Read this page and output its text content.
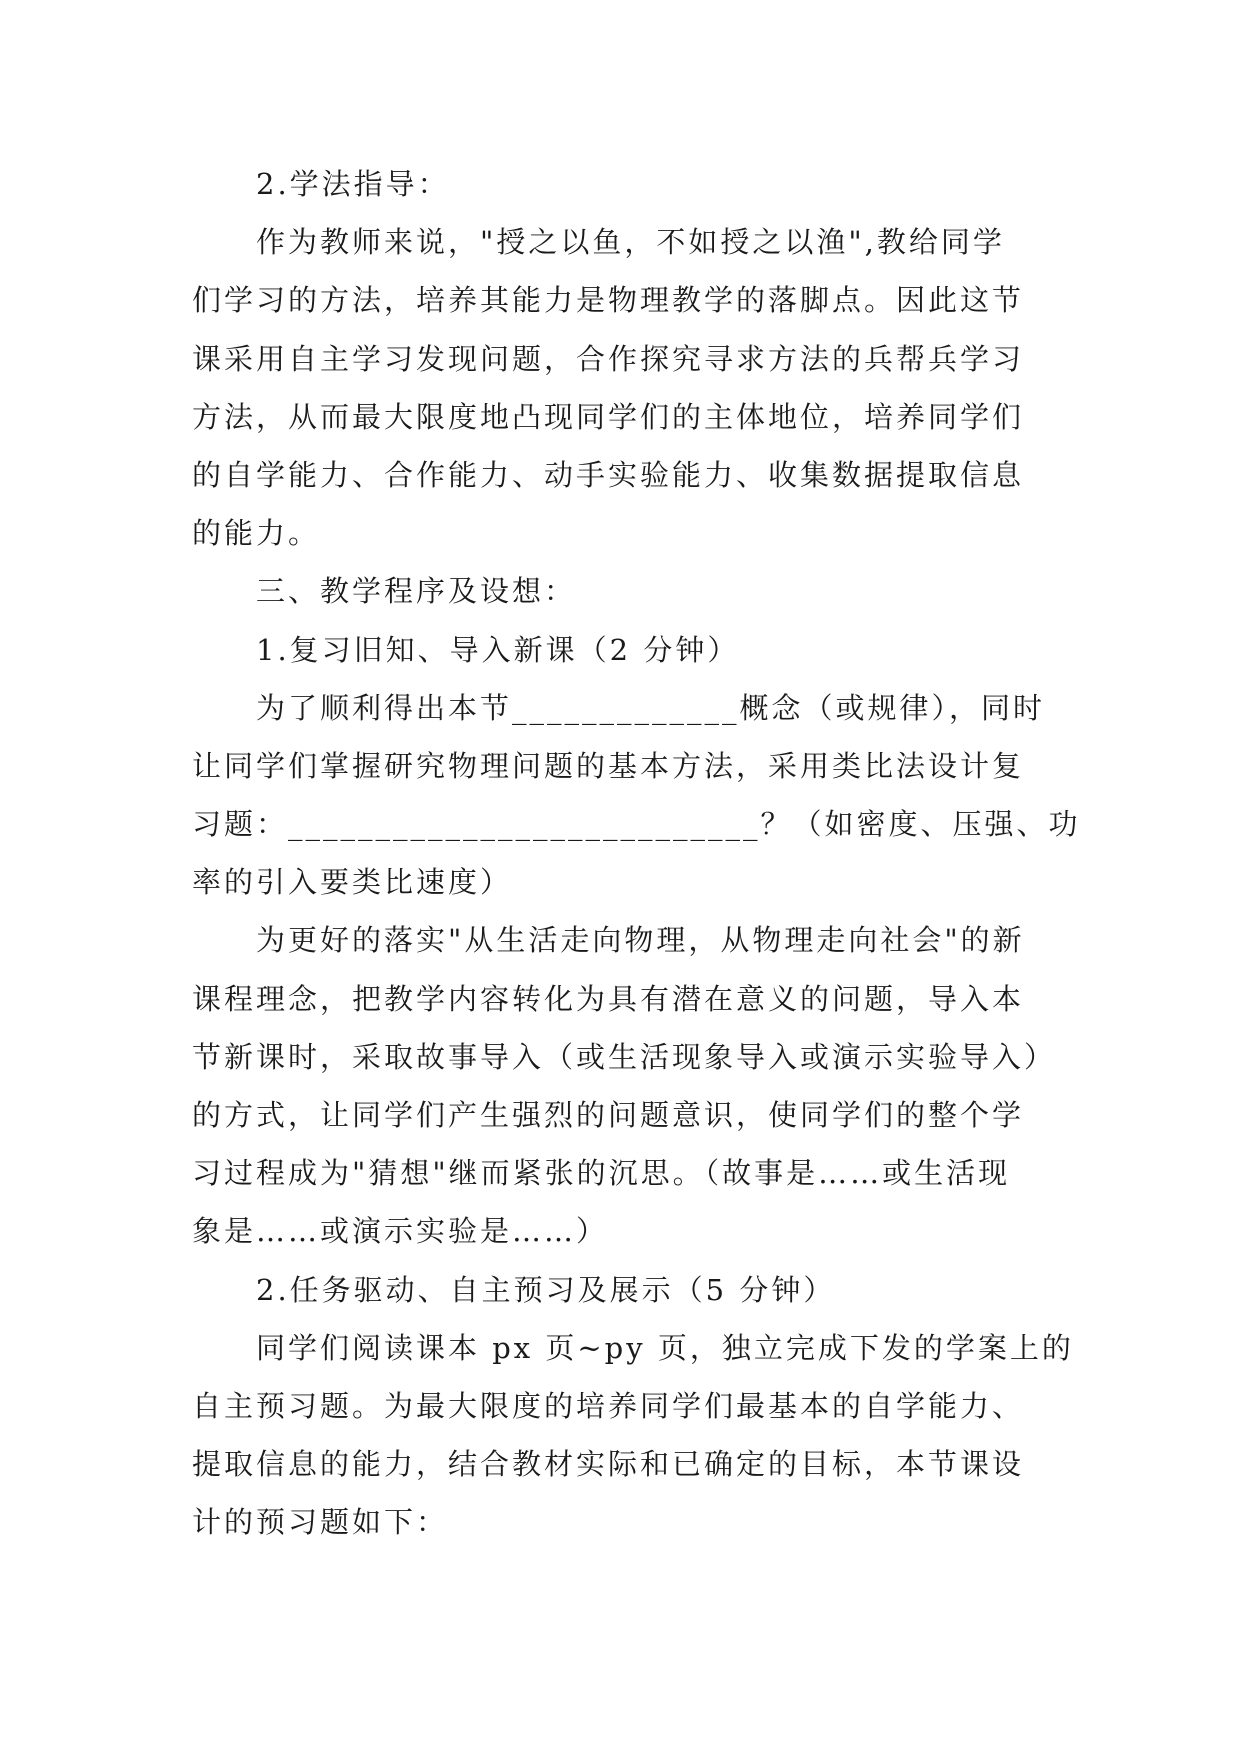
2.学法指导：
作为教师来说，"授之以鱼，不如授之以渔",教给同学
们学习的方法，培养其能力是物理教学的落脚点。因此这节
课采用自主学习发现问题，合作探究寻求方法的兵帮兵学习
方法，从而最大限度地凸现同学们的主体地位，培养同学们
的自学能力、合作能力、动手实验能力、收集数据提取信息
的能力。
三、教学程序及设想：
1.复习旧知、导入新课（2 分钟）
为了顺利得出本节_____________概念（或规律），同时
让同学们掌握研究物理问题的基本方法，采用类比法设计复
习题：___________________________？（如密度、压强、功
率的引入要类比速度）
为更好的落实"从生活走向物理，从物理走向社会"的新
课程理念，把教学内容转化为具有潜在意义的问题，导入本
节新课时，采取故事导入（或生活现象导入或演示实验导入）
的方式，让同学们产生强烈的问题意识，使同学们的整个学
习过程成为"猜想"继而紧张的沉思。（故事是……或生活现
象是……或演示实验是……）
2.任务驱动、自主预习及展示（5 分钟）
同学们阅读课本 px 页~py 页，独立完成下发的学案上的
自主预习题。为最大限度的培养同学们最基本的自学能力、
提取信息的能力，结合教材实际和已确定的目标，本节课设
计的预习题如下：
